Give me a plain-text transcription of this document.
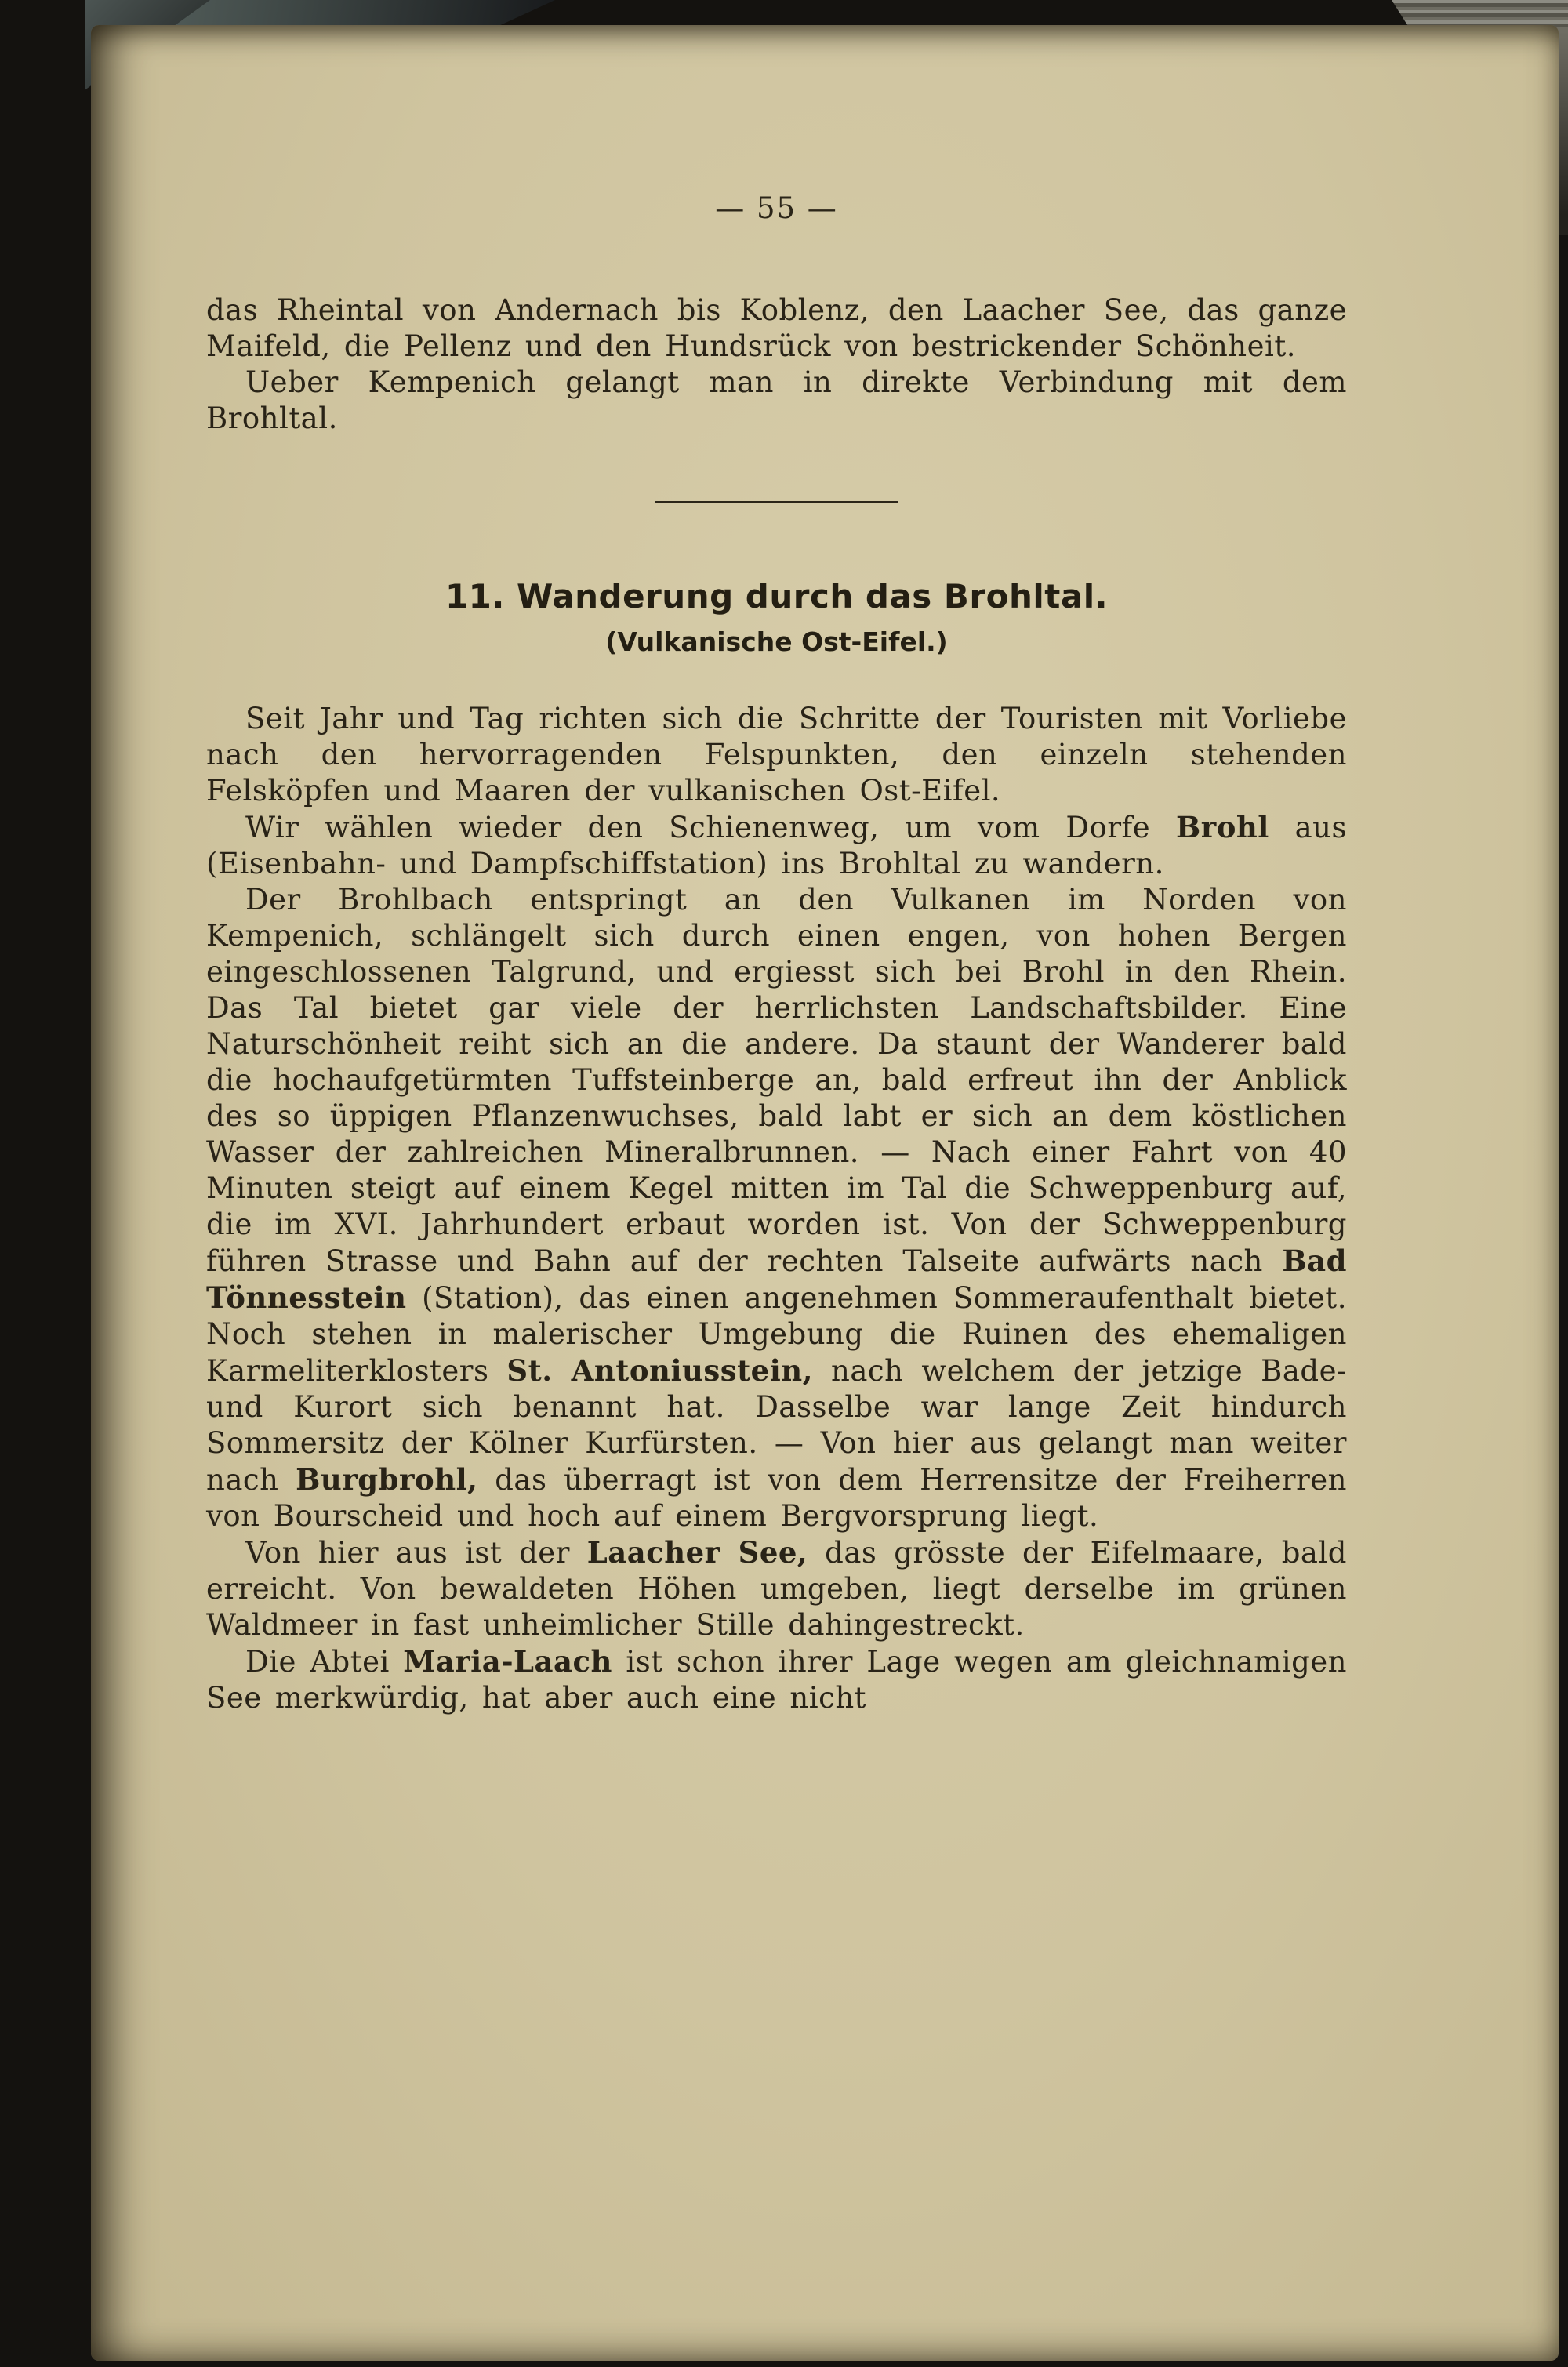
— 55 —

das Rheintal von Andernach bis Koblenz, den Laacher See, das ganze Maifeld, die Pellenz und den Hundsrück von bestrickender Schönheit.

Ueber Kempenich gelangt man in direkte Verbindung mit dem Brohltal.

11. Wanderung durch das Brohltal.
(Vulkanische Ost-Eifel.)

Seit Jahr und Tag richten sich die Schritte der Touristen mit Vorliebe nach den hervorragenden Felspunkten, den einzeln stehenden Felsköpfen und Maaren der vulkanischen Ost-Eifel.

Wir wählen wieder den Schienenweg, um vom Dorfe Brohl aus (Eisenbahn- und Dampfschiffstation) ins Brohltal zu wandern.

Der Brohlbach entspringt an den Vulkanen im Norden von Kempenich, schlängelt sich durch einen engen, von hohen Bergen eingeschlossenen Talgrund, und ergiesst sich bei Brohl in den Rhein. Das Tal bietet gar viele der herrlichsten Landschaftsbilder. Eine Naturschönheit reiht sich an die andere. Da staunt der Wanderer bald die hochaufgetürmten Tuffsteinberge an, bald erfreut ihn der Anblick des so üppigen Pflanzenwuchses, bald labt er sich an dem köstlichen Wasser der zahlreichen Mineralbrunnen. — Nach einer Fahrt von 40 Minuten steigt auf einem Kegel mitten im Tal die Schweppenburg auf, die im XVI. Jahrhundert erbaut worden ist. Von der Schweppenburg führen Strasse und Bahn auf der rechten Talseite aufwärts nach Bad Tönnesstein (Station), das einen angenehmen Sommeraufenthalt bietet. Noch stehen in malerischer Umgebung die Ruinen des ehemaligen Karmeliterklosters St. Antoniusstein, nach welchem der jetzige Bade- und Kurort sich benannt hat. Dasselbe war lange Zeit hindurch Sommersitz der Kölner Kurfürsten. — Von hier aus gelangt man weiter nach Burgbrohl, das überragt ist von dem Herrensitze der Freiherren von Bourscheid und hoch auf einem Bergvorsprung liegt.

Von hier aus ist der Laacher See, das grösste der Eifelmaare, bald erreicht. Von bewaldeten Höhen umgeben, liegt derselbe im grünen Waldmeer in fast unheimlicher Stille dahingestreckt.

Die Abtei Maria-Laach ist schon ihrer Lage wegen am gleichnamigen See merkwürdig, hat aber auch eine nicht
